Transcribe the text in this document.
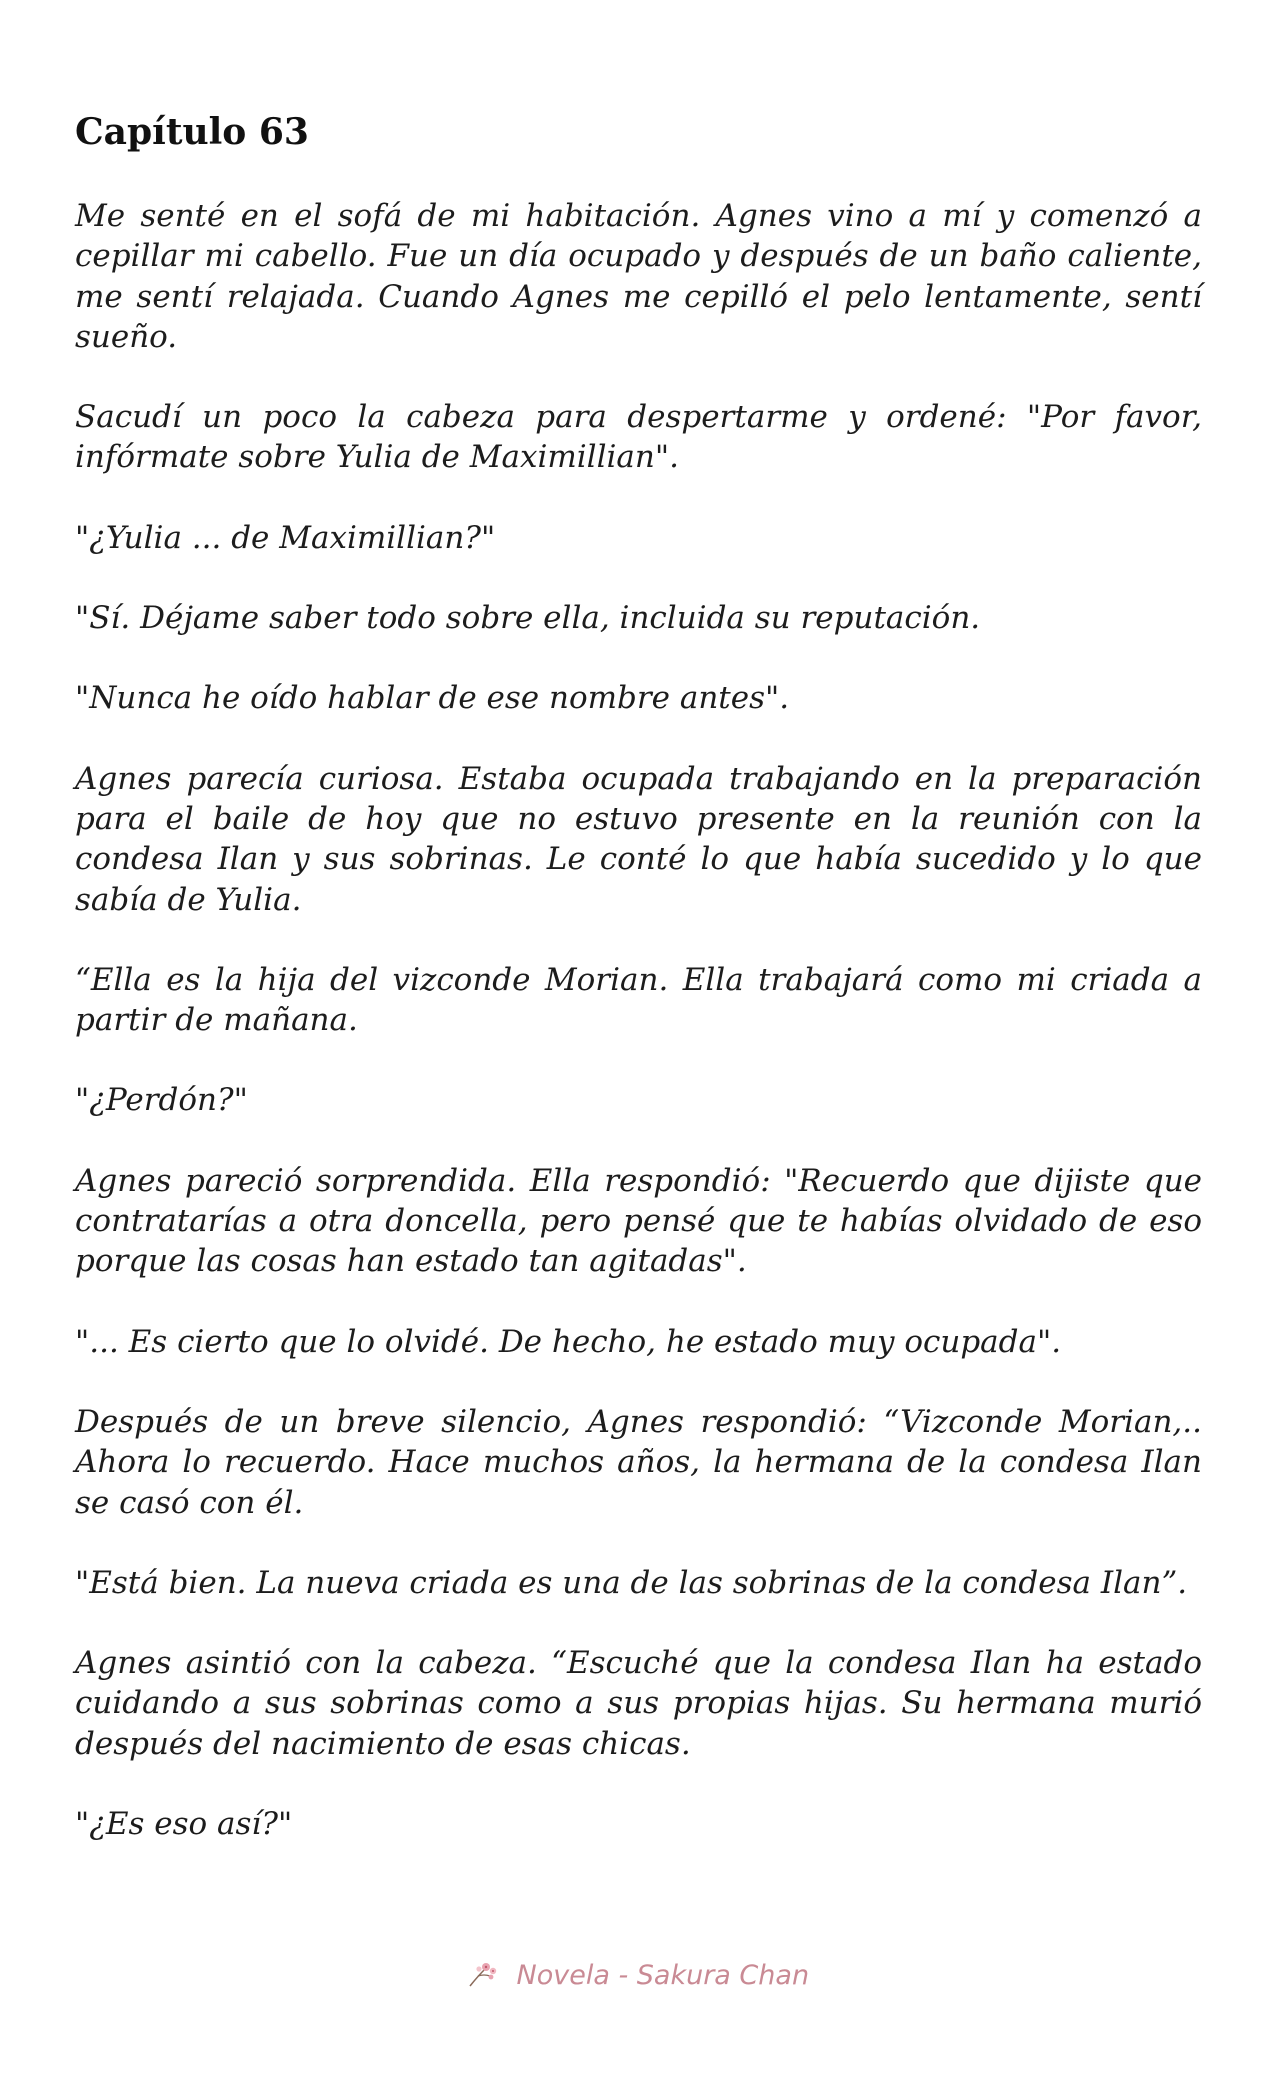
Capítulo 63

Me senté en el sofá de mi habitación. Agnes vino a mí y comenzó a cepillar mi cabello. Fue un día ocupado y después de un baño caliente, me sentí relajada. Cuando Agnes me cepilló el pelo lentamente, sentí sueño.

Sacudí un poco la cabeza para despertarme y ordené: "Por favor, infórmate sobre Yulia de Maximillian".

"¿Yulia ... de Maximillian?"

"Sí. Déjame saber todo sobre ella, incluida su reputación.

"Nunca he oído hablar de ese nombre antes".

Agnes parecía curiosa. Estaba ocupada trabajando en la preparación para el baile de hoy que no estuvo presente en la reunión con la condesa Ilan y sus sobrinas. Le conté lo que había sucedido y lo que sabía de Yulia.

“Ella es la hija del vizconde Morian. Ella trabajará como mi criada a partir de mañana.

"¿Perdón?"

Agnes pareció sorprendida. Ella respondió: "Recuerdo que dijiste que contratarías a otra doncella, pero pensé que te habías olvidado de eso porque las cosas han estado tan agitadas".

"... Es cierto que lo olvidé. De hecho, he estado muy ocupada".

Después de un breve silencio, Agnes respondió: “Vizconde Morian,.. Ahora lo recuerdo. Hace muchos años, la hermana de la condesa Ilan se casó con él.

"Está bien. La nueva criada es una de las sobrinas de la condesa Ilan”.

Agnes asintió con la cabeza. “Escuché que la condesa Ilan ha estado cuidando a sus sobrinas como a sus propias hijas. Su hermana murió después del nacimiento de esas chicas.

"¿Es eso así?"

Novela - Sakura Chan
